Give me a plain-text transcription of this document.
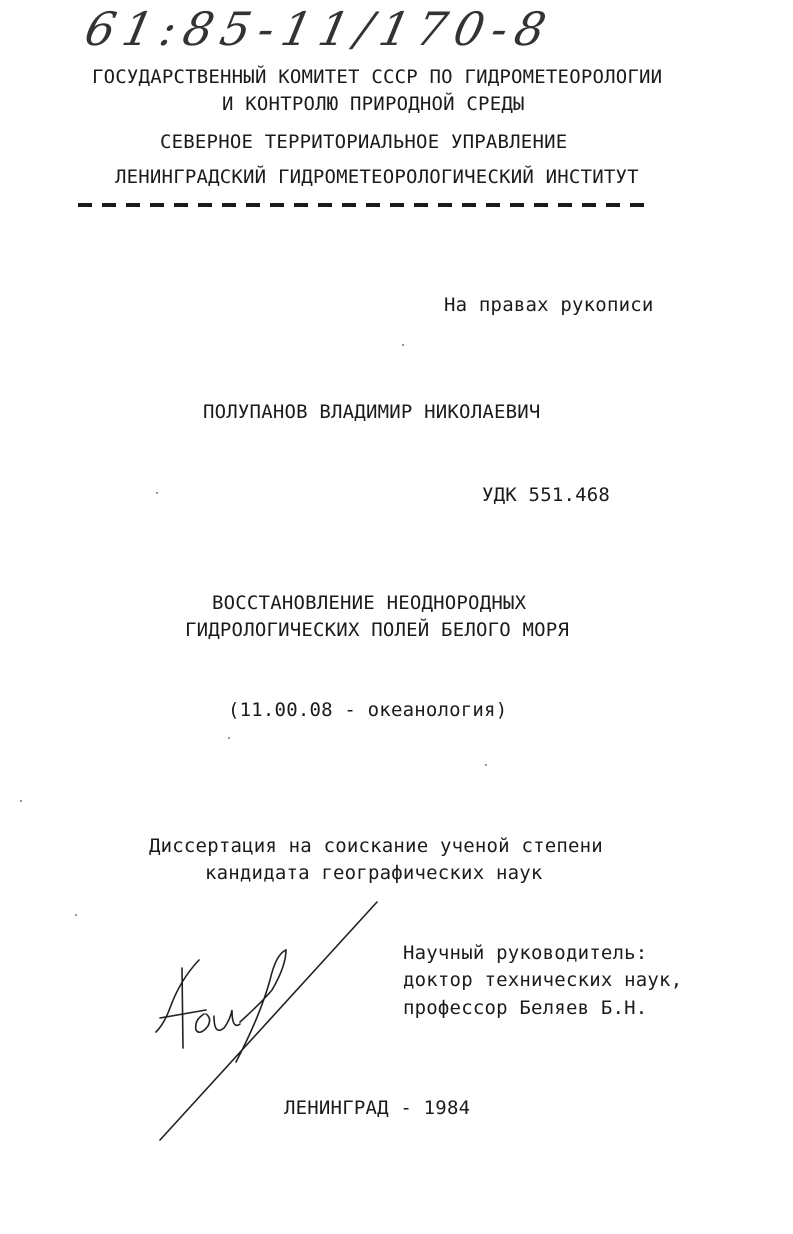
61:85-11/170-8
ГОСУДАРСТВЕННЫЙ КОМИТЕТ СССР ПО ГИДРОМЕТЕОРОЛОГИИ
И КОНТРОЛЮ ПРИРОДНОЙ СРЕДЫ
СЕВЕРНОЕ ТЕРРИТОРИАЛЬНОЕ УПРАВЛЕНИЕ
ЛЕНИНГРАДСКИЙ ГИДРОМЕТЕОРОЛОГИЧЕСКИЙ ИНСТИТУТ
На правах рукописи
ПОЛУПАНОВ ВЛАДИМИР НИКОЛАЕВИЧ
УДК 551.468
ВОССТАНОВЛЕНИЕ НЕОДНОРОДНЫХ
ГИДРОЛОГИЧЕСКИХ ПОЛЕЙ БЕЛОГО МОРЯ
(11.00.08 - океанология)
Диссертация на соискание ученой степени
кандидата географических наук
Научный руководитель:
доктор технических наук,
профессор Беляев Б.Н.
ЛЕНИНГРАД - 1984
